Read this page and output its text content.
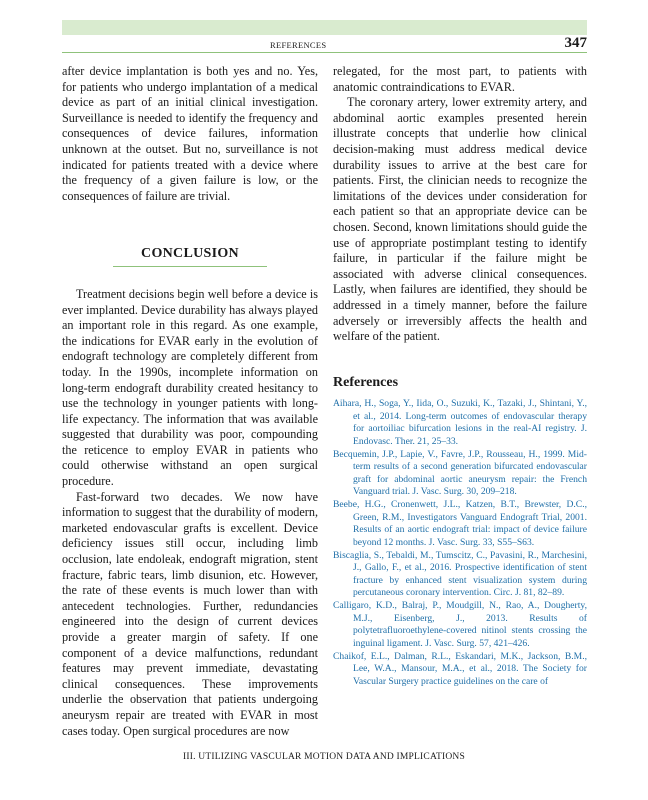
REFERENCES	347

after device implantation is both yes and no. Yes, for patients who undergo implantation of a medical device as part of an initial clinical investigation. Surveillance is needed to identify the frequency and consequences of device failures, information unknown at the outset. But no, surveillance is not indicated for patients treated with a device where the frequency of a given failure is low, or the consequences of failure are trivial.

CONCLUSION

Treatment decisions begin well before a device is ever implanted. Device durability has always played an important role in this regard. As one example, the indications for EVAR early in the evolution of endograft technology are completely different from today. In the 1990s, incomplete information on long-term endograft durability created hesitancy to use the technology in younger patients with long-life expectancy. The information that was available suggested that durability was poor, compounding the reticence to employ EVAR in patients who could otherwise withstand an open surgical procedure.

Fast-forward two decades. We now have information to suggest that the durability of modern, marketed endovascular grafts is excellent. Device deficiency issues still occur, including limb occlusion, late endoleak, endograft migration, stent fracture, fabric tears, limb disunion, etc. However, the rate of these events is much lower than with antecedent technologies. Further, redundancies engineered into the design of current devices provide a greater margin of safety. If one component of a device malfunctions, redundant features may prevent immediate, devastating clinical consequences. These improvements underlie the observation that patients undergoing aneurysm repair are treated with EVAR in most cases today. Open surgical procedures are now

relegated, for the most part, to patients with anatomic contraindications to EVAR.

The coronary artery, lower extremity artery, and abdominal aortic examples presented herein illustrate concepts that underlie how clinical decision-making must address medical device durability issues to arrive at the best care for patients. First, the clinician needs to recognize the limitations of the devices under consideration for each patient so that an appropriate device can be chosen. Second, known limitations should guide the use of appropriate postimplant testing to identify failure, in particular if the failure might be associated with adverse clinical consequences. Lastly, when failures are identified, they should be addressed in a timely manner, before the failure adversely or irreversibly affects the health and welfare of the patient.

References

Aihara, H., Soga, Y., Iida, O., Suzuki, K., Tazaki, J., Shintani, Y., et al., 2014. Long-term outcomes of endovascular therapy for aortoiliac bifurcation lesions in the real-AI registry. J. Endovasc. Ther. 21, 25–33.

Becquemin, J.P., Lapie, V., Favre, J.P., Rousseau, H., 1999. Mid-term results of a second generation bifurcated endovascular graft for abdominal aortic aneurysm repair: the French Vanguard trial. J. Vasc. Surg. 30, 209–218.

Beebe, H.G., Cronenwett, J.L., Katzen, B.T., Brewster, D.C., Green, R.M., Investigators Vanguard Endograft Trial, 2001. Results of an aortic endograft trial: impact of device failure beyond 12 months. J. Vasc. Surg. 33, S55–S63.

Biscaglia, S., Tebaldi, M., Tumscitz, C., Pavasini, R., Marchesini, J., Gallo, F., et al., 2016. Prospective identification of stent fracture by enhanced stent visualization system during percutaneous coronary intervention. Circ. J. 81, 82–89.

Calligaro, K.D., Balraj, P., Moudgill, N., Rao, A., Dougherty, M.J., Eisenberg, J., 2013. Results of polytetrafluoroethylene-covered nitinol stents crossing the inguinal ligament. J. Vasc. Surg. 57, 421–426.

Chaikof, E.L., Dalman, R.L., Eskandari, M.K., Jackson, B.M., Lee, W.A., Mansour, M.A., et al., 2018. The Society for Vascular Surgery practice guidelines on the care of

III. UTILIZING VASCULAR MOTION DATA AND IMPLICATIONS
